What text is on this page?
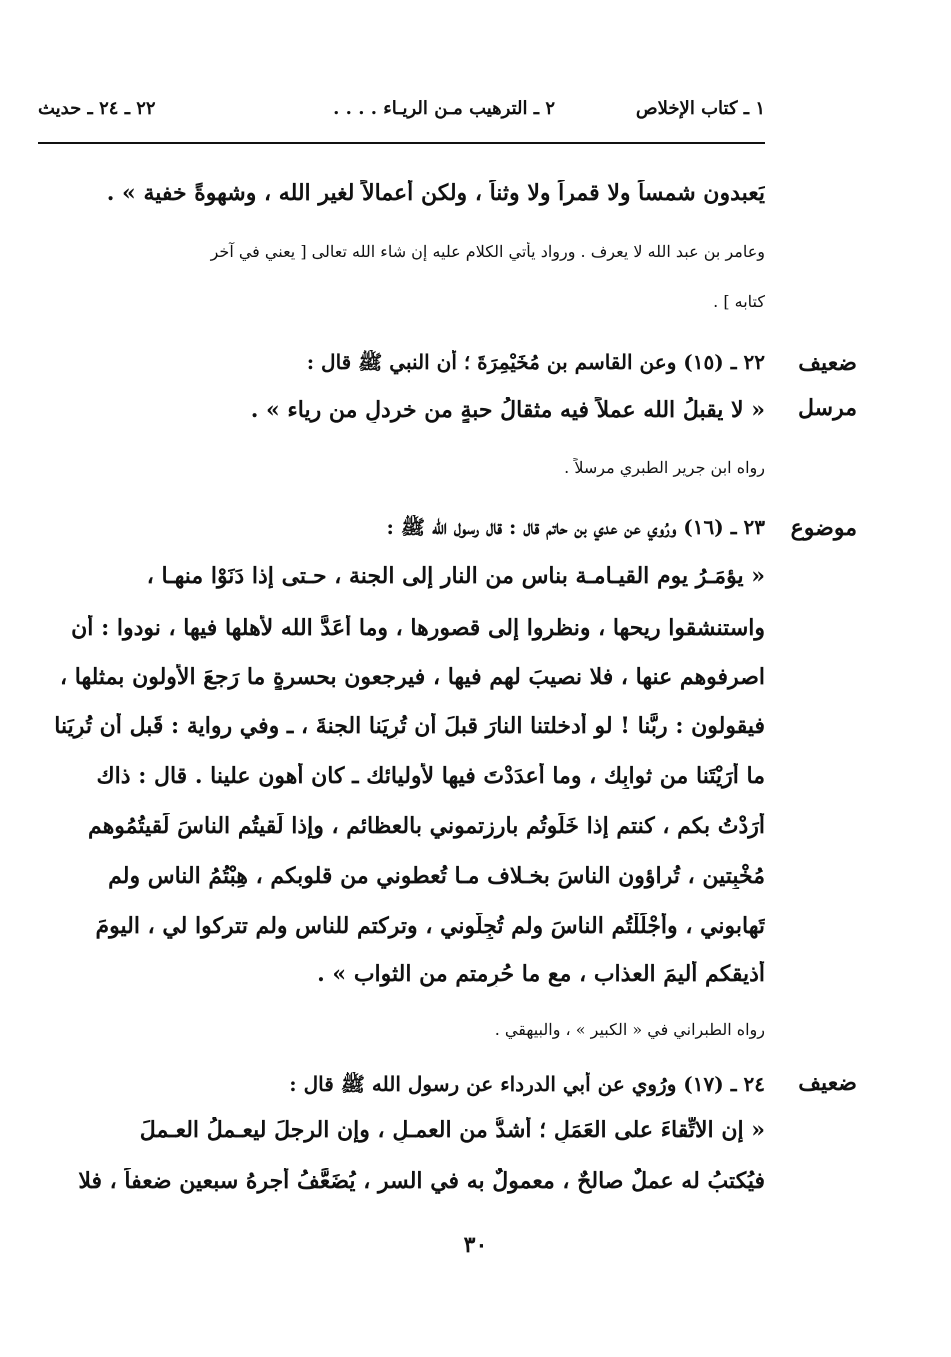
١ ـ كتاب الإخلاص
٢ ـ الترهيب مـن الريـاء . . . .
٢٢ ـ ٢٤ ـ حديث
يَعبدون شمساً ولا قمراً ولا وثناً ، ولكن أعمالاً لغير الله ، وشهوةً خفية » .
وعامر بن عبد الله لا يعرف . ورواد يأتي الكلام عليه إن شاء الله تعالى [ يعني في آخر
كتابه ] .
ضعيف
مرسل
٢٢ ـ (١٥) وعن القاسم بن مُخَيْمِرَةَ ؛ أن النبي ﷺ قال :
« لا يقبلُ الله عملاً فيه مثقالُ حبةٍ من خردلٍ من رياء » .
رواه ابن جرير الطبري مرسلاً .
موضوع
٢٣ ـ (١٦) ورُوي عن عدي بن حاتم قال : قال رسول الله ﷺ :
« يؤمَـرُ يوم القيـامـة بناسٍ من النار إلى الجنة ، حـتى إذا دَنَوْا منهـا ،
واستنشقوا ريحها ، ونظروا إلى قصورها ، وما أعَدَّ الله لأهلها فيها ، نودوا : أن
اصرفوهم عنها ، فلا نصيبَ لهم فيها ، فيرجعون بحسرةٍ ما رَجعَ الأولون بمثلها ،
فيقولون : ربَّنا ! لو أدخلتنا النارَ قبلَ أن تُرِيَنا الجنةَ ، ـ وفي رواية : قَبل أن تُرِيَنا
ما أرَيْتَنا من ثوابِك ، وما أعدَدْتَ فيها لأوليائك ـ كان أهون علينا . قال : ذاك
أرَدْتُ بكم ، كنتم إذا خَلَوتُم بارزتموني بالعظائم ، وإذا لَقيتُم الناسَ لَقيتُمُوهم
مُخْبِتين ، تُراؤون الناسَ بخـلاف مـا تُعطوني من قلوبكم ، هِبْتُمُ الناس ولم
تَهابوني ، وأَجْلَلْتُم الناسَ ولم تُجِلُّوني ، وتركتم للناس ولم تتركوا لي ، اليومَ
أُذيقكم أليمَ العذاب ، مع ما حُرِمتم من الثواب » .
رواه الطبراني في « الكبير » ، والبيهقي .
ضعيف
٢٤ ـ (١٧) ورُوي عن أبي الدرداء عن رسول الله ﷺ قال :
« إن الاتِّقاءَ على العَمَلِ ؛ أشدُّ من العمـلِ ، وإن الرجلَ ليعـملُ العـملَ
فيُكتبُ له عملٌ صالحٌ ، معمولٌ به في السر ، يُضَعَّفُ أجرهُ سبعين ضعفاً ، فلا
٣٠
